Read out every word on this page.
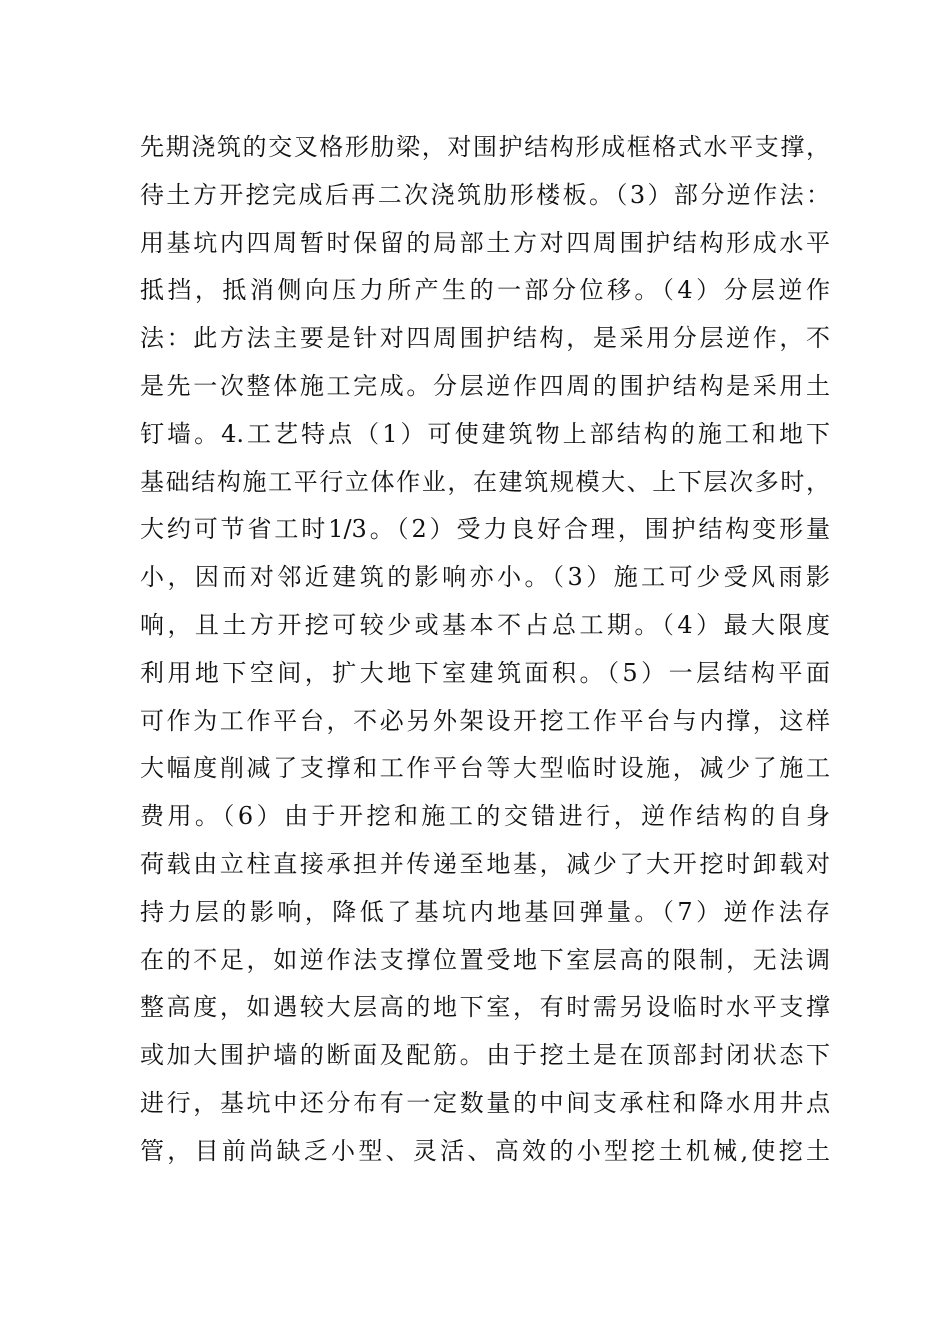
先期浇筑的交叉格形肋梁，对围护结构形成框格式水平支撑，
待土方开挖完成后再二次浇筑肋形楼板。（3）部分逆作法：
用基坑内四周暂时保留的局部土方对四周围护结构形成水平
抵挡，抵消侧向压力所产生的一部分位移。（4）分层逆作
法：此方法主要是针对四周围护结构，是采用分层逆作，不
是先一次整体施工完成。分层逆作四周的围护结构是采用土
钉墙。4.工艺特点（1）可使建筑物上部结构的施工和地下
基础结构施工平行立体作业，在建筑规模大、上下层次多时，
大约可节省工时1/3。（2）受力良好合理，围护结构变形量
小，因而对邻近建筑的影响亦小。（3）施工可少受风雨影
响，且土方开挖可较少或基本不占总工期。（4）最大限度
利用地下空间，扩大地下室建筑面积。（5）一层结构平面
可作为工作平台，不必另外架设开挖工作平台与内撑，这样
大幅度削减了支撑和工作平台等大型临时设施，减少了施工
费用。（6）由于开挖和施工的交错进行，逆作结构的自身
荷载由立柱直接承担并传递至地基，减少了大开挖时卸载对
持力层的影响，降低了基坑内地基回弹量。（7）逆作法存
在的不足，如逆作法支撑位置受地下室层高的限制，无法调
整高度，如遇较大层高的地下室，有时需另设临时水平支撑
或加大围护墙的断面及配筋。由于挖土是在顶部封闭状态下
进行，基坑中还分布有一定数量的中间支承柱和降水用井点
管，目前尚缺乏小型、灵活、高效的小型挖土机械,使挖土
